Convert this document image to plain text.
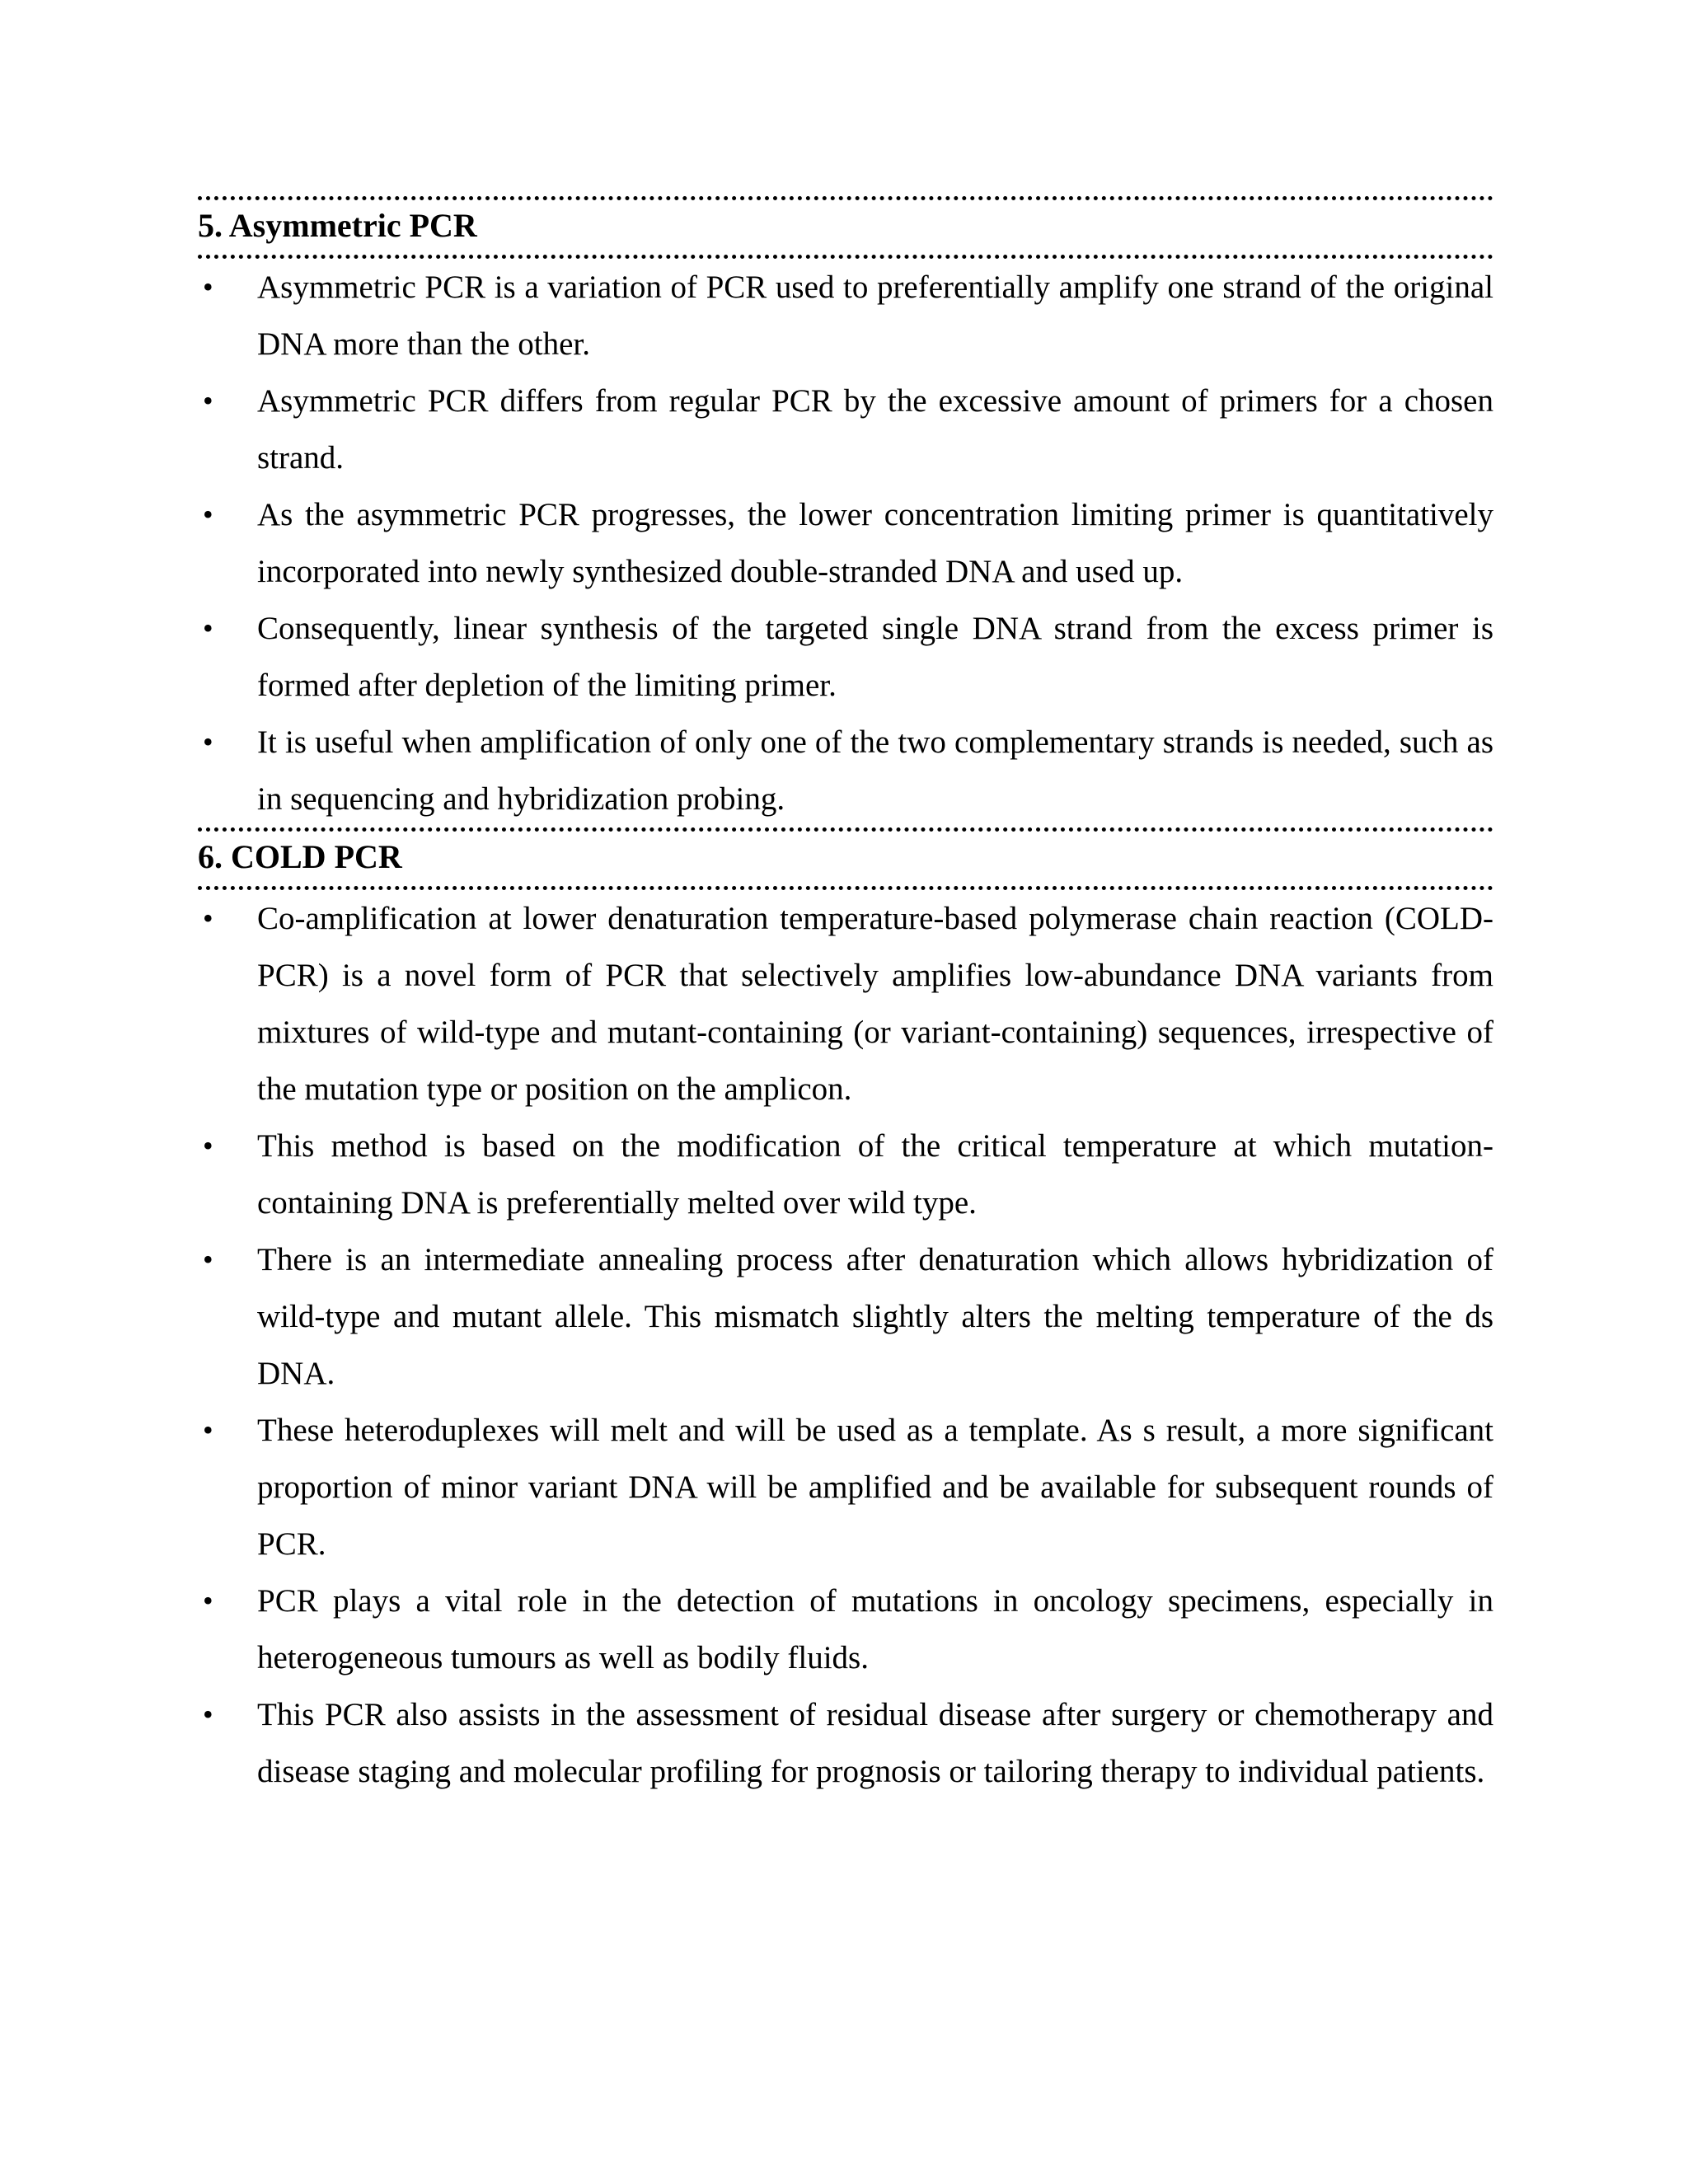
5. Asymmetric PCR
• Asymmetric PCR is a variation of PCR used to preferentially amplify one strand of the original DNA more than the other.
• Asymmetric PCR differs from regular PCR by the excessive amount of primers for a chosen strand.
• As the asymmetric PCR progresses, the lower concentration limiting primer is quantitatively incorporated into newly synthesized double-stranded DNA and used up.
• Consequently, linear synthesis of the targeted single DNA strand from the excess primer is formed after depletion of the limiting primer.
• It is useful when amplification of only one of the two complementary strands is needed, such as in sequencing and hybridization probing.
6. COLD PCR
• Co-amplification at lower denaturation temperature-based polymerase chain reaction (COLD-PCR) is a novel form of PCR that selectively amplifies low-abundance DNA variants from mixtures of wild-type and mutant-containing (or variant-containing) sequences, irrespective of the mutation type or position on the amplicon.
• This method is based on the modification of the critical temperature at which mutation-containing DNA is preferentially melted over wild type.
• There is an intermediate annealing process after denaturation which allows hybridization of wild-type and mutant allele. This mismatch slightly alters the melting temperature of the ds DNA.
• These heteroduplexes will melt and will be used as a template. As s result, a more significant proportion of minor variant DNA will be amplified and be available for subsequent rounds of PCR.
• PCR plays a vital role in the detection of mutations in oncology specimens, especially in heterogeneous tumours as well as bodily fluids.
• This PCR also assists in the assessment of residual disease after surgery or chemotherapy and disease staging and molecular profiling for prognosis or tailoring therapy to individual patients.
